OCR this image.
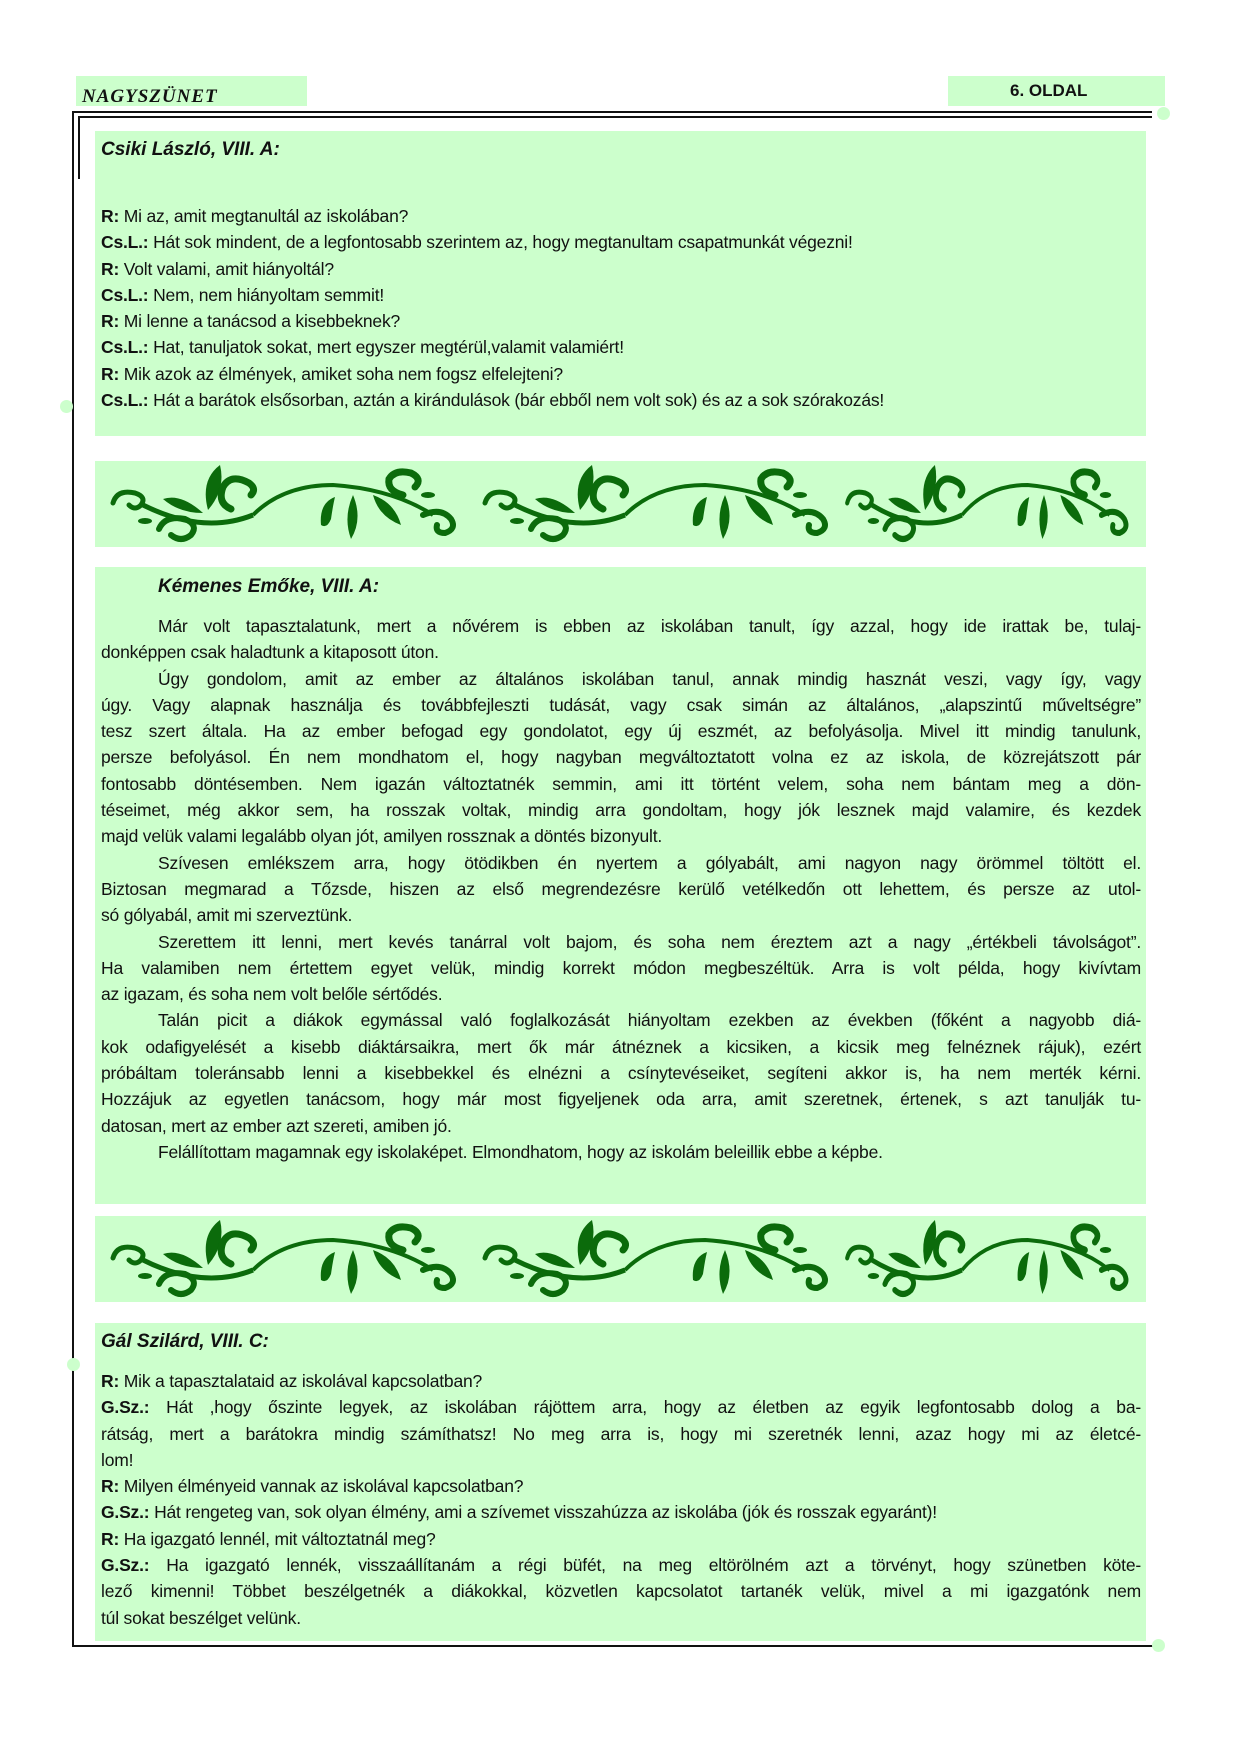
NAGYSZÜNET	6. OLDAL
Csiki László, VIII. A:
R: Mi az, amit megtanultál az iskolában?
Cs.L.: Hát sok mindent, de a legfontosabb szerintem az, hogy megtanultam csapatmunkát végezni!
R: Volt valami, amit hiányoltál?
Cs.L.: Nem, nem hiányoltam semmit!
R: Mi lenne a tanácsod a kisebbeknek?
Cs.L.: Hat, tanuljatok sokat, mert egyszer megtérül,valamit valamiért!
R: Mik azok az élmények, amiket soha nem fogsz elfelejteni?
Cs.L.: Hát a barátok elsősorban, aztán a kirándulások (bár ebből nem volt sok) és az a sok szórakozás!
Kémenes Emőke, VIII. A:
Már volt tapasztalatunk, mert a nővérem is ebben az iskolában tanult, így azzal, hogy ide irattak be, tulaj-
donképpen csak haladtunk a kitaposott úton.
Úgy gondolom, amit az ember az általános iskolában tanul, annak mindig hasznát veszi, vagy így, vagy
úgy. Vagy alapnak használja és továbbfejleszti tudását, vagy csak simán az általános, „alapszintű műveltségre”
tesz szert általa. Ha az ember befogad egy gondolatot, egy új eszmét, az befolyásolja. Mivel itt mindig tanulunk,
persze befolyásol. Én nem mondhatom el, hogy nagyban megváltoztatott volna ez az iskola, de közrejátszott pár
fontosabb döntésemben. Nem igazán változtatnék semmin, ami itt történt velem, soha nem bántam meg a dön-
téseimet, még akkor sem, ha rosszak voltak, mindig arra gondoltam, hogy jók lesznek majd valamire, és kezdek
majd velük valami legalább olyan jót, amilyen rossznak a döntés bizonyult.
Szívesen emlékszem arra, hogy ötödikben én nyertem a gólyabált, ami nagyon nagy örömmel töltött el.
Biztosan megmarad a Tőzsde, hiszen az első megrendezésre kerülő vetélkedőn ott lehettem, és persze az utol-
só gólyabál, amit mi szerveztünk.
Szerettem itt lenni, mert kevés tanárral volt bajom, és soha nem éreztem azt a nagy „értékbeli távolságot”.
Ha valamiben nem értettem egyet velük, mindig korrekt módon megbeszéltük. Arra is volt példa, hogy kivívtam
az igazam, és soha nem volt belőle sértődés.
Talán picit a diákok egymással való foglalkozását hiányoltam ezekben az években (főként a nagyobb diá-
kok odafigyelését a kisebb diáktársaikra, mert ők már átnéznek a kicsiken, a kicsik meg felnéznek rájuk), ezért
próbáltam toleránsabb lenni a kisebbekkel és elnézni a csínytevéseiket, segíteni akkor is, ha nem merték kérni.
Hozzájuk az egyetlen tanácsom, hogy már most figyeljenek oda arra, amit szeretnek, értenek, s azt tanulják tu-
datosan, mert az ember azt szereti, amiben jó.
Felállítottam magamnak egy iskolaképet. Elmondhatom, hogy az iskolám beleillik ebbe a képbe.
Gál Szilárd, VIII. C:
R: Mik a tapasztalataid az iskolával kapcsolatban?
G.Sz.: Hát ,hogy őszinte legyek, az iskolában rájöttem arra, hogy az életben az egyik legfontosabb dolog a ba-
rátság, mert a barátokra mindig számíthatsz! No meg arra is, hogy mi szeretnék lenni, azaz hogy mi az életcé-
lom!
R: Milyen élményeid vannak az iskolával kapcsolatban?
G.Sz.: Hát rengeteg van, sok olyan élmény, ami a szívemet visszahúzza az iskolába (jók és rosszak egyaránt)!
R: Ha igazgató lennél, mit változtatnál meg?
G.Sz.: Ha igazgató lennék, visszaállítanám a régi büfét, na meg eltörölném azt a törvényt, hogy szünetben köte-
lező kimenni! Többet beszélgetnék a diákokkal, közvetlen kapcsolatot tartanék velük, mivel a mi igazgatónk nem
túl sokat beszélget velünk.
